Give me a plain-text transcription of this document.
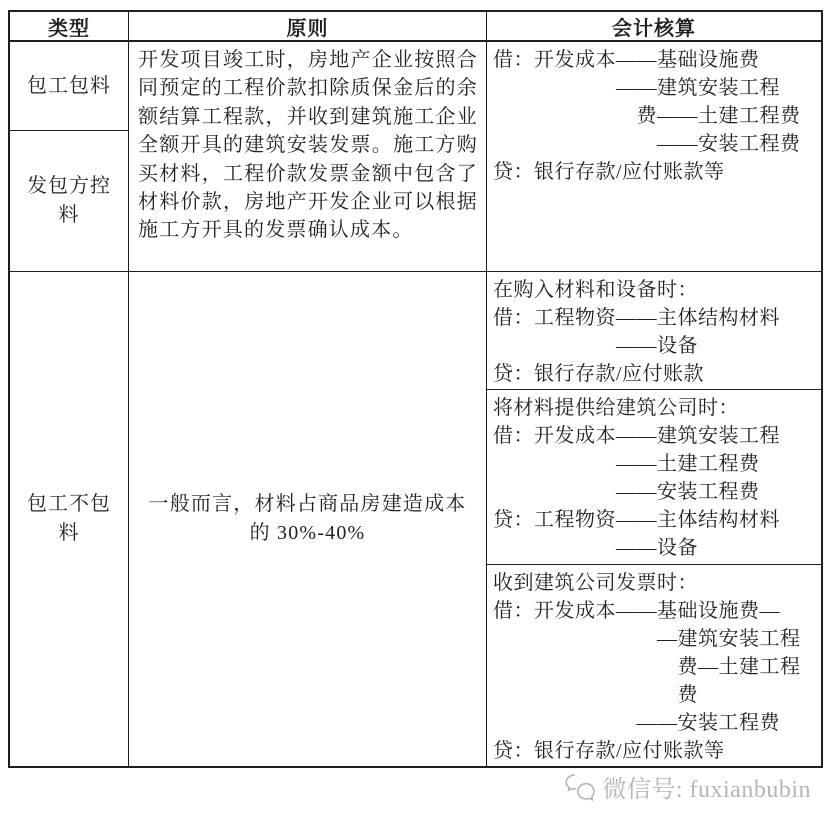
类型	原则	会计核算
包工包料
发包方控料
开发项目竣工时，房地产企业按照合同预定的工程价款扣除质保金后的余额结算工程款，并收到建筑施工企业全额开具的建筑安装发票。施工方购买材料，工程价款发票金额中包含了材料价款，房地产开发企业可以根据施工方开具的发票确认成本。
借：开发成本——基础设施费
　　　　　　——建筑安装工程
　　　　　　　费——土建工程费
　　　　　　　　——安装工程费
贷：银行存款/应付账款等
包工不包料
一般而言，材料占商品房建造成本
的 30%-40%
在购入材料和设备时：
借：工程物资——主体结构材料
　　　　　　——设备
贷：银行存款/应付账款
将材料提供给建筑公司时：
借：开发成本——建筑安装工程
　　　　　　——土建工程费
　　　　　　——安装工程费
贷：工程物资——主体结构材料
　　　　　　——设备
收到建筑公司发票时：
借：开发成本——基础设施费—
　　　　　　　　—建筑安装工程
　　　　　　　　　费—土建工程
　　　　　　　　　费
　　　　　　　——安装工程费
贷：银行存款/应付账款等
微信号: fuxianbubin
